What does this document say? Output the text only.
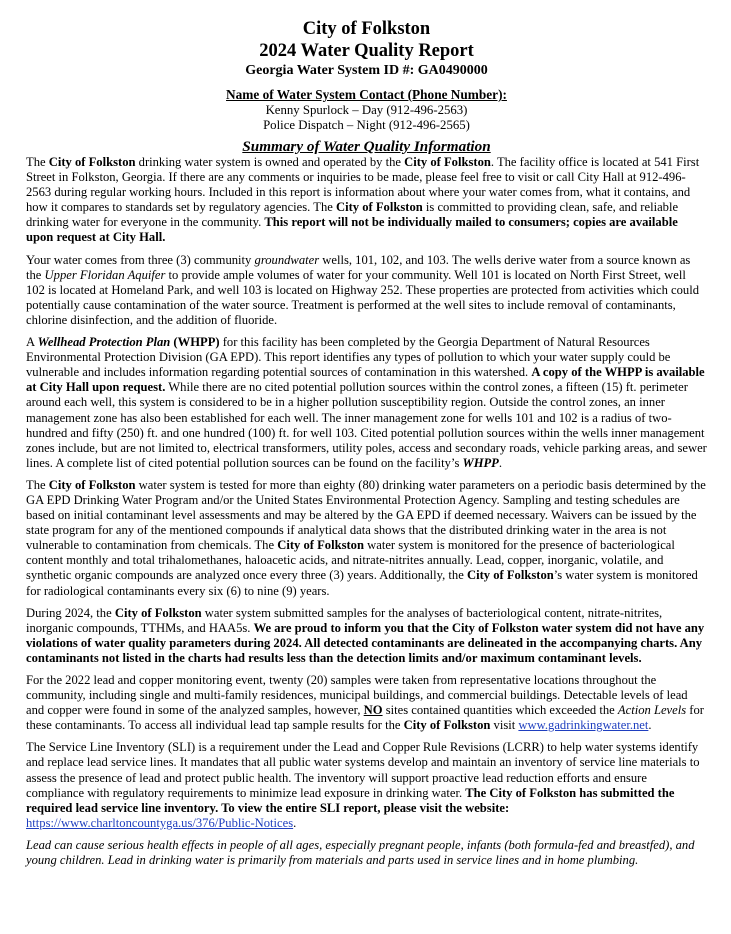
City of Folkston
2024 Water Quality Report
Georgia Water System ID #: GA0490000
Name of Water System Contact (Phone Number):
Kenny Spurlock – Day (912-496-2563)
Police Dispatch – Night (912-496-2565)
Summary of Water Quality Information

The City of Folkston drinking water system is owned and operated by the City of Folkston. The facility office is located at 541 First Street in Folkston, Georgia. If there are any comments or inquiries to be made, please feel free to visit or call City Hall at 912-496-2563 during regular working hours. Included in this report is information about where your water comes from, what it contains, and how it compares to standards set by regulatory agencies. The City of Folkston is committed to providing clean, safe, and reliable drinking water for everyone in the community. This report will not be individually mailed to consumers; copies are available upon request at City Hall.

Your water comes from three (3) community groundwater wells, 101, 102, and 103. The wells derive water from a source known as the Upper Floridan Aquifer to provide ample volumes of water for your community. Well 101 is located on North First Street, well 102 is located at Homeland Park, and well 103 is located on Highway 252. These properties are protected from activities which could potentially cause contamination of the water source. Treatment is performed at the well sites to include removal of contaminants, chlorine disinfection, and the addition of fluoride.

A Wellhead Protection Plan (WHPP) for this facility has been completed by the Georgia Department of Natural Resources Environmental Protection Division (GA EPD). This report identifies any types of pollution to which your water supply could be vulnerable and includes information regarding potential sources of contamination in this watershed. A copy of the WHPP is available at City Hall upon request. While there are no cited potential pollution sources within the control zones, a fifteen (15) ft. perimeter around each well, this system is considered to be in a higher pollution susceptibility region. Outside the control zones, an inner management zone has also been established for each well. The inner management zone for wells 101 and 102 is a radius of two-hundred and fifty (250) ft. and one hundred (100) ft. for well 103. Cited potential pollution sources within the wells inner management zones include, but are not limited to, electrical transformers, utility poles, access and secondary roads, vehicle parking areas, and sewer lines. A complete list of cited potential pollution sources can be found on the facility’s WHPP.

The City of Folkston water system is tested for more than eighty (80) drinking water parameters on a periodic basis determined by the GA EPD Drinking Water Program and/or the United States Environmental Protection Agency. Sampling and testing schedules are based on initial contaminant level assessments and may be altered by the GA EPD if deemed necessary. Waivers can be issued by the state program for any of the mentioned compounds if analytical data shows that the distributed drinking water in the area is not vulnerable to contamination from chemicals. The City of Folkston water system is monitored for the presence of bacteriological content monthly and total trihalomethanes, haloacetic acids, and nitrate-nitrites annually. Lead, copper, inorganic, volatile, and synthetic organic compounds are analyzed once every three (3) years. Additionally, the City of Folkston’s water system is monitored for radiological contaminants every six (6) to nine (9) years.

During 2024, the City of Folkston water system submitted samples for the analyses of bacteriological content, nitrate-nitrites, inorganic compounds, TTHMs, and HAA5s. We are proud to inform you that the City of Folkston water system did not have any violations of water quality parameters during 2024. All detected contaminants are delineated in the accompanying charts. Any contaminants not listed in the charts had results less than the detection limits and/or maximum contaminant levels.

For the 2022 lead and copper monitoring event, twenty (20) samples were taken from representative locations throughout the community, including single and multi-family residences, municipal buildings, and commercial buildings. Detectable levels of lead and copper were found in some of the analyzed samples, however, NO sites contained quantities which exceeded the Action Levels for these contaminants. To access all individual lead tap sample results for the City of Folkston visit www.gadrinkingwater.net.

The Service Line Inventory (SLI) is a requirement under the Lead and Copper Rule Revisions (LCRR) to help water systems identify and replace lead service lines. It mandates that all public water systems develop and maintain an inventory of service line materials to assess the presence of lead and protect public health. The inventory will support proactive lead reduction efforts and ensure compliance with regulatory requirements to minimize lead exposure in drinking water. The City of Folkston has submitted the required lead service line inventory. To view the entire SLI report, please visit the website:
https://www.charltoncountyga.us/376/Public-Notices.

Lead can cause serious health effects in people of all ages, especially pregnant people, infants (both formula-fed and breastfed), and young children. Lead in drinking water is primarily from materials and parts used in service lines and in home plumbing.
